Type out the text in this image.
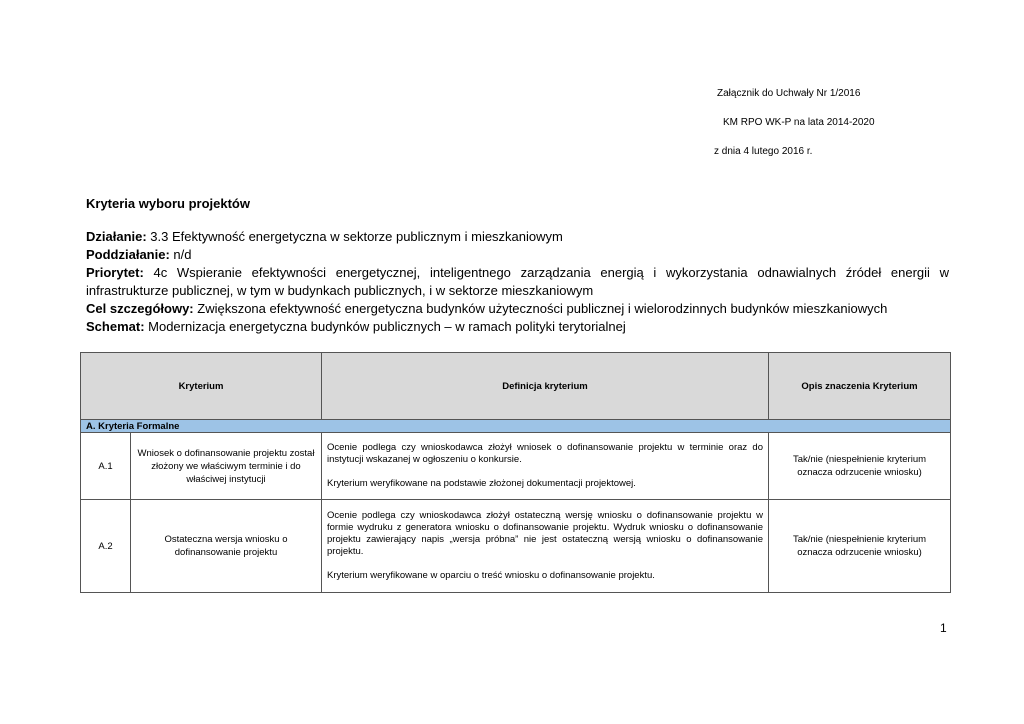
Załącznik do Uchwały Nr 1/2016
KM RPO WK-P na lata 2014-2020
z dnia 4 lutego 2016 r.
Kryteria wyboru projektów
Działanie: 3.3 Efektywność energetyczna w sektorze publicznym i mieszkaniowym
Poddziałanie: n/d
Priorytet: 4c Wspieranie efektywności energetycznej, inteligentnego zarządzania energią i wykorzystania odnawialnych źródeł energii w infrastrukturze publicznej, w tym w budynkach publicznych, i w sektorze mieszkaniowym
Cel szczegółowy: Zwiększona efektywność energetyczna budynków użyteczności publicznej i wielorodzinnych budynków mieszkaniowych
Schemat: Modernizacja energetyczna budynków publicznych – w ramach polityki terytorialnej
Kryterium		Definicja kryterium	Opis znaczenia Kryterium
A. Kryteria Formalne			
A.1	Wniosek o dofinansowanie projektu został złożony we właściwym terminie i do właściwej instytucji	Ocenie podlega czy wnioskodawca złożył wniosek o dofinansowanie projektu w terminie oraz do instytucji wskazanej w ogłoszeniu o konkursie.

Kryterium weryfikowane na podstawie złożonej dokumentacji projektowej.	Tak/nie (niespełnienie kryterium oznacza odrzucenie wniosku)
A.2	Ostateczna wersja wniosku o dofinansowanie projektu	Ocenie podlega czy wnioskodawca złożył ostateczną wersję wniosku o dofinansowanie projektu w formie wydruku z generatora wniosku o dofinansowanie projektu. Wydruk wniosku o dofinansowanie projektu zawierający napis „wersja próbna” nie jest ostateczną wersją wniosku o dofinansowanie projektu.

Kryterium weryfikowane w oparciu o treść wniosku o dofinansowanie projektu.	Tak/nie (niespełnienie kryterium oznacza odrzucenie wniosku)
1
